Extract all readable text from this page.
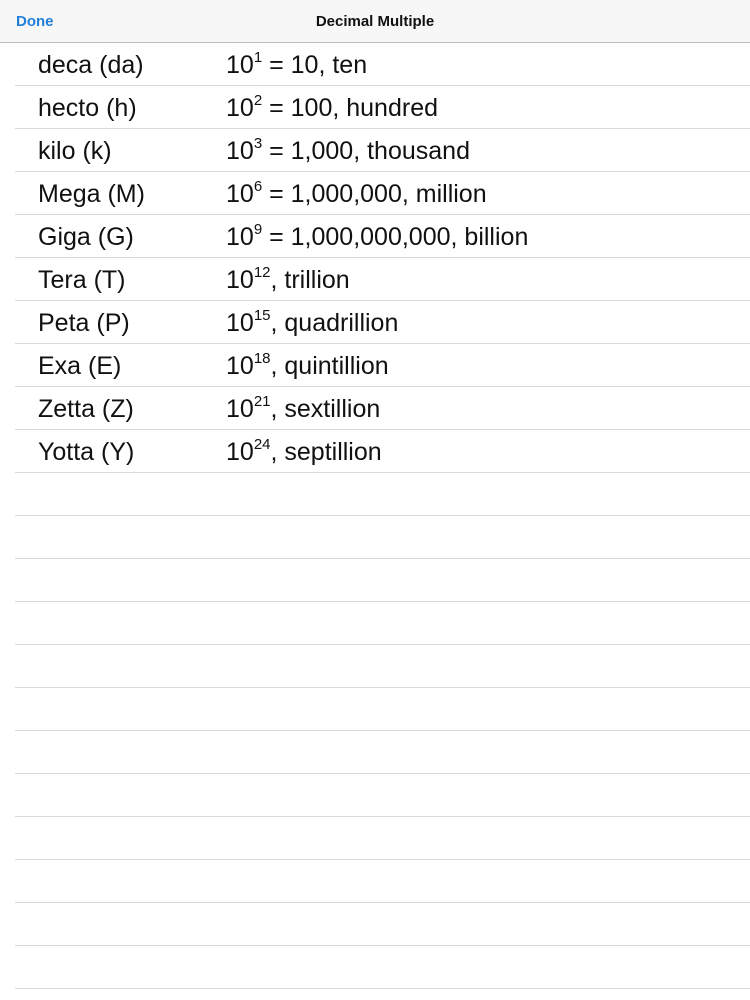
Done	Decimal Multiple
deca (da)	$10^1 = 10$, ten
hecto (h)	$10^2 = 100$, hundred
kilo (k)	$10^3 = 1,000$, thousand
Mega (M)	$10^6 = 1,000,000$, million
Giga (G)	$10^9 = 1,000,000,000$, billion
Tera (T)	$10^{12}$, trillion
Peta (P)	$10^{15}$, quadrillion
Exa (E)	$10^{18}$, quintillion
Zetta (Z)	$10^{21}$, sextillion
Yotta (Y)	$10^{24}$, septillion
